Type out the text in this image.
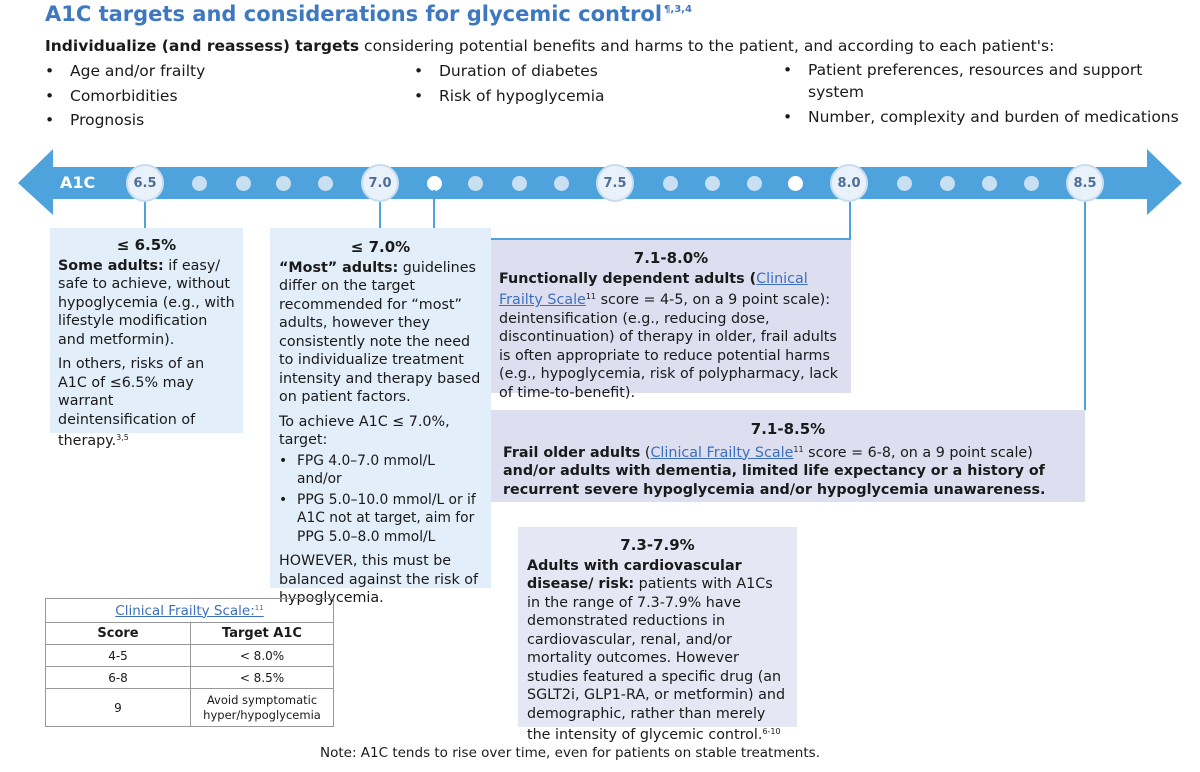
A1C targets and considerations for glycemic control $^{\P,3,4}$
Individualize (and reassess) targets considering potential benefits and harms to the patient, and according to each patient's:
•	Age and/or frailty
•	Comorbidities
•	Prognosis
•	Duration of diabetes
•	Risk of hypoglycemia
•	Patient preferences, resources and support system
•	Number, complexity and burden of medications
A1C	6.5	7.0	7.5	8.0	8.5
≤ 6.5%

Some adults: if easy/ safe to achieve, without hypoglycemia (e.g., with lifestyle modification and metformin).

In others, risks of an A1C of ≤6.5% may warrant deintensification of therapy.$^{3,5}$

≤ 7.0%

“Most” adults: guidelines differ on the target recommended for “most” adults, however they consistently note the need to individualize treatment intensity and therapy based on patient factors.

To achieve A1C ≤ 7.0%, target:

• FPG 4.0–7.0 mmol/L and/or
• PPG 5.0–10.0 mmol/L or if A1C not at target, aim for PPG 5.0–8.0 mmol/L

HOWEVER, this must be balanced against the risk of hypoglycemia.

7.1-8.0%
Functionally dependent adults (Clinical Frailty Scale$^{11}$ score = 4-5, on a 9 point scale): deintensification (e.g., reducing dose, discontinuation) of therapy in older, frail adults is often appropriate to reduce potential harms (e.g., hypoglycemia, risk of polypharmacy, lack of time-to-benefit).
7.1-8.5%
Frail older adults (Clinical Frailty Scale$^{11}$ score = 6-8, on a 9 point scale) and/or adults with dementia, limited life expectancy or a history of recurrent severe hypoglycemia and/or hypoglycemia unawareness.
7.3-7.9%
Adults with cardiovascular disease/ risk: patients with A1Cs in the range of 7.3-7.9% have demonstrated reductions in cardiovascular, renal, and/or mortality outcomes. However studies featured a specific drug (an SGLT2i, GLP1-RA, or metformin) and demographic, rather than merely the intensity of glycemic control.$^{6-10}$
Clinical Frailty Scale:$^{11}$
Score	Target A1C
4-5	< 8.0%
6-8	< 8.5%
9	Avoid symptomatic hyper/hypoglycemia
Note: A1C tends to rise over time, even for patients on stable treatments.
